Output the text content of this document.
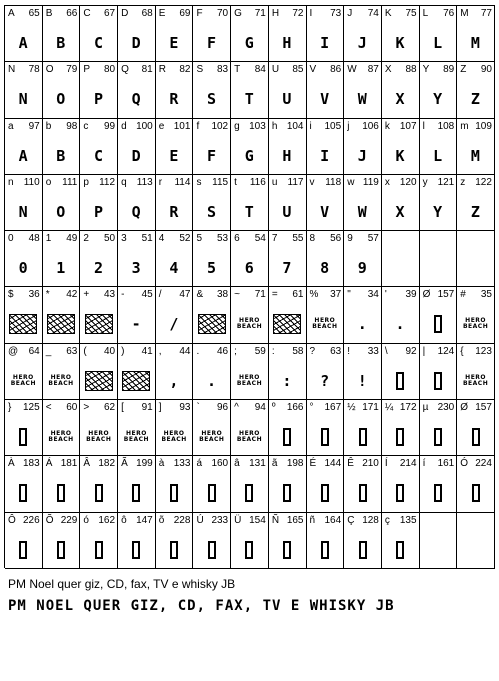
A 65
A
B 66
B
C 67
C
D 68
D
E 69
E
F 70
F
G 71
G
H 72
H
I 73
I
J 74
J
K 75
K
L 76
L
M 77
M
N 78
N
O 79
O
P 80
P
Q 81
Q
R 82
R
S 83
S
T 84
T
U 85
U
V 86
V
W 87
W
X 88
X
Y 89
Y
Z 90
Z
a 97
A
b 98
B
c 99
C
d 100
D
e 101
E
f 102
F
g 103
G
h 104
H
i 105
I
j 106
J
k 107
K
l 108
L
m 109
M
n 110
N
o 111
O
p 112
P
q 113
Q
r 114
R
s 115
S
t 116
T
u 117
U
v 118
V
w 119
W
x 120
X
y 121
Y
z 122
Z
0 48
0
1 49
1
2 50
2
3 51
3
4 52
4
5 53
5
6 54
6
7 55
7
8 56
8
9 57
9
$ 36 * 42 + 43 - 45
-
/ 47
/
& 38 ~ 71
HERO
BEACH
= 61 % 37
HERO
BEACH
" 34
.
' 39
.
Ø 157 # 35
HERO
BEACH
@ 64
HERO
BEACH
_ 63
HERO
BEACH
( 40 ) 41 , 44
,
. 46
.
; 59
HERO
BEACH
: 58
:
? 63
?
! 33
!
\ 92 | 124 { 123
HERO
BEACH
} 125 < 60
HERO
BEACH
> 62
HERO
BEACH
[ 91
HERO
BEACH
] 93
HERO
BEACH
` 96
HERO
BEACH
^ 94
HERO
BEACH
º 166 ° 167 ½ 171 ¼ 172 µ 230 Ø 157
À 183 Á 181 Â 182 Ã 199 à 133 á 160 â 131 ã 198 É 144 Ê 210 Í 214 í 161 Ó 224
Ô 226 Õ 229 ó 162 ô 147 õ 228 Ú 233 Ü 154 Ñ 165 ñ 164 Ç 128 ç 135
PM Noel quer giz, CD, fax, TV e whisky JB
PM NOEL QUER GIZ, CD, FAX, TV E WHISKY JB
